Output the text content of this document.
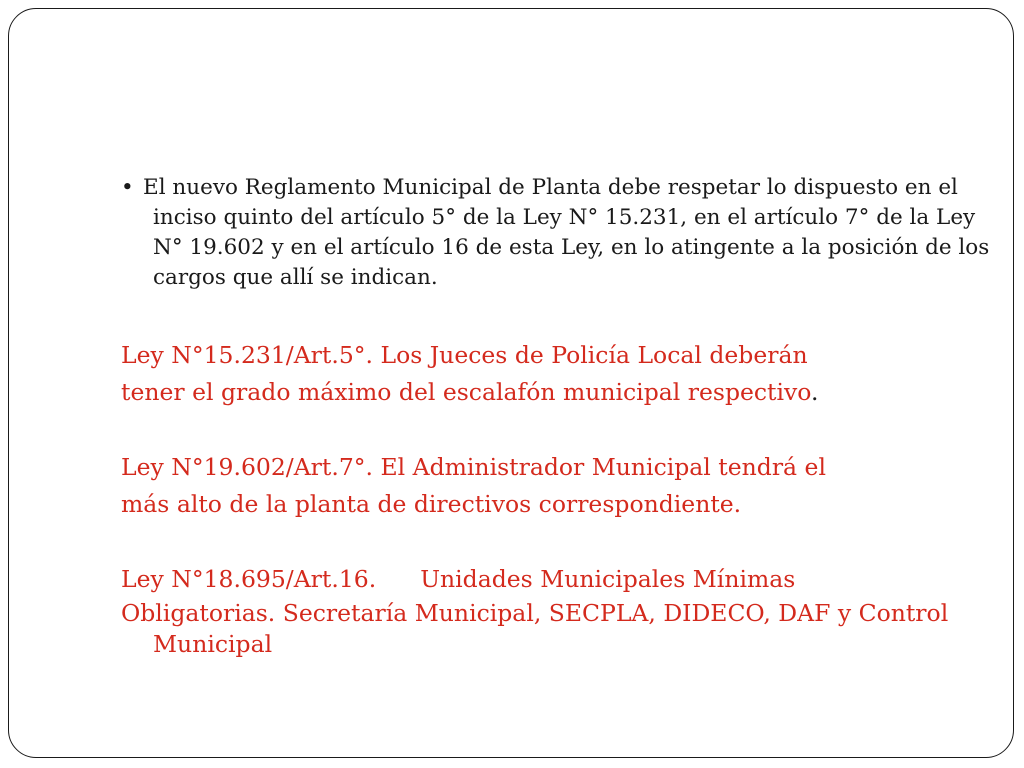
• El nuevo Reglamento Municipal de Planta debe respetar lo dispuesto en el inciso quinto del artículo 5° de la Ley N° 15.231, en el artículo 7° de la Ley N° 19.602 y en el artículo 16 de esta Ley, en lo atingente a la posición de los cargos que allí se indican.

Ley N°15.231/Art.5°. Los Jueces de Policía Local deberán

tener el grado máximo del escalafón municipal respectivo.

Ley N°19.602/Art.7°. El Administrador Municipal tendrá el

más alto de la planta de directivos correspondiente.

Ley N°18.695/Art.16. Unidades Municipales Mínimas

Obligatorias. Secretaría Municipal, SECPLA, DIDECO, DAF y Control Municipal
